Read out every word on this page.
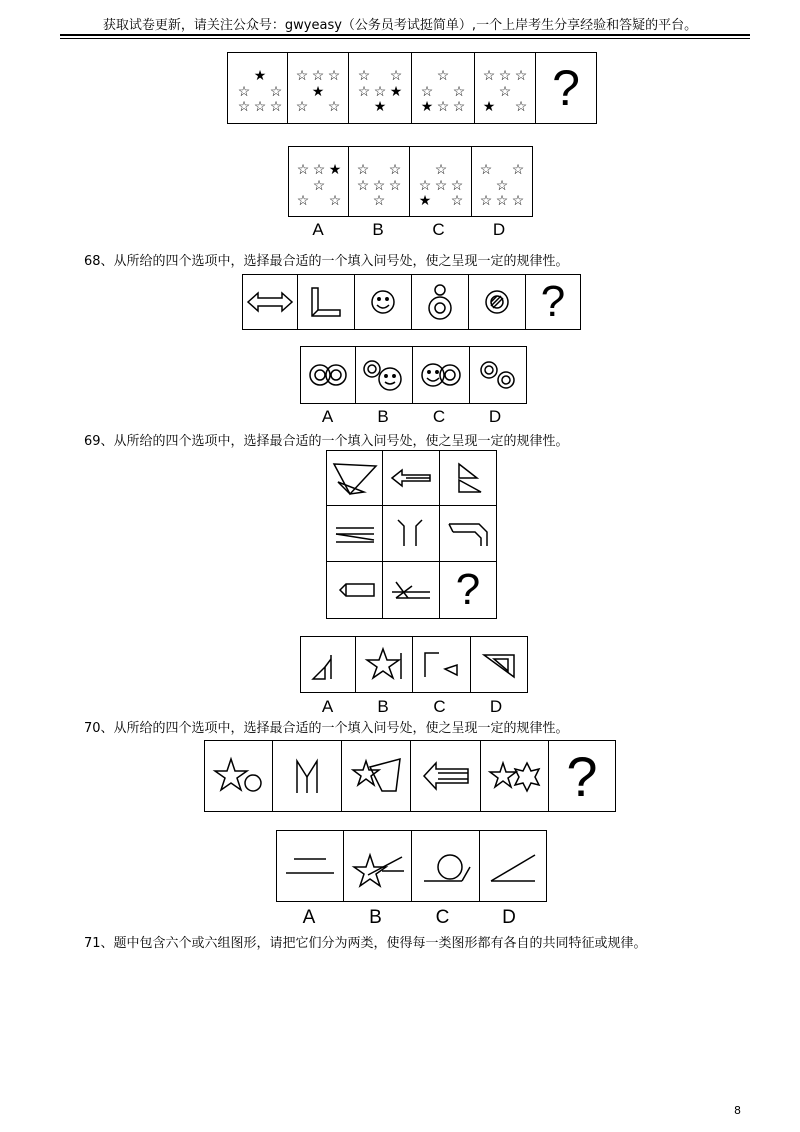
获取试卷更新，请关注公众号：gwyeasy（公务员考试挺简单）,一个上岸考生分享经验和答疑的平台。
★
☆ ☆
☆ ☆ ☆
☆ ☆ ☆
★
☆ ☆
☆ ☆
☆ ☆ ★
★
☆
☆ ☆
★ ☆ ☆
☆ ☆ ☆
☆
★ ☆ ?
☆ ☆ ★
☆
☆ ☆
☆ ☆
☆ ☆ ☆
☆
☆
☆ ☆ ☆
★ ☆
☆ ☆
☆
☆ ☆ ☆
A	B	C	D
68、从所给的四个选项中，选择最合适的一个填入问号处，使之呈现一定的规律性。
?
A	B	C	D
69、从所给的四个选项中，选择最合适的一个填入问号处，使之呈现一定的规律性。
?
A	B	C	D
70、从所给的四个选项中，选择最合适的一个填入问号处，使之呈现一定的规律性。
?
A	B	C	D
71、题中包含六个或六组图形，请把它们分为两类，使得每一类图形都有各自的共同特征或规律。
8
